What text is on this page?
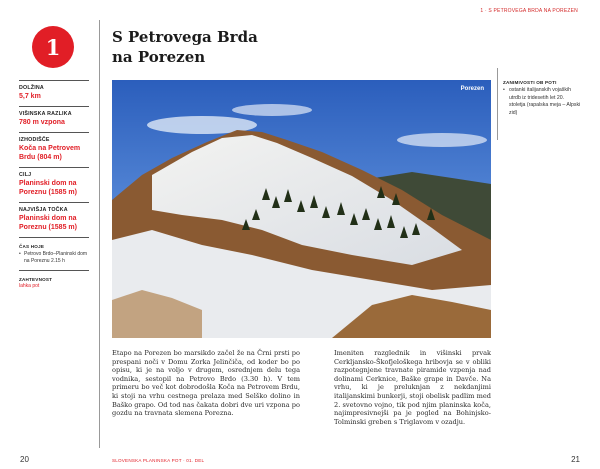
1 · S PETROVEGA BRDA NA POREZEN
1	S Petrovega Brda
na Porezen
DOLŽINA
5,7 km
VIŠINSKA RAZLIKA
780 m vzpona
IZHODIŠČE
Koča na Petrovem Brdu (804 m)
CILJ
Planinski dom na Poreznu (1585 m)
NAJVIŠJA TOČKA
Planinski dom na Poreznu (1585 m)
ČAS HOJE
• Petrovo Brdo–Planinski dom na Poreznu 2.15 h
ZAHTEVNOST
lahka pot
Porezen
ZANIMIVOSTI OB POTI
• ostanki italijanskih vojaških utrdb iz tridesetih let 20. stoletja (rapalska meja – Alpski zid)
Etapo na Porezen bo marsikdo začel že na Črni prsti po prespani noči v Domu Zorka Jelinčiča, od koder bo po opisu, ki je na voljo v drugem, osrednjem delu tega vodnika, sestopil na Petrovo Brdo (3.30 h). V tem primeru bo več kot dobrodošla Koča na Petrovem Brdu, ki stoji na vrhu cestnega prelaza med Selško dolino in Baško grapo. Od tod nas čakata dobri dve uri vzpona po gozdu na travnata slemena Poreznа.
Imeniten razglednik in višinski prvak Cerkljansko-Škofjeloškega hribovja se v obliki razpotegnjene travnate piramide vzpenja nad dolinami Cerknice, Baške grape in Davče. Na vrhu, ki je preluknjan z nekdanjimi italijanskimi bunkerji, stoji obelisk padlim med 2. svetovno vojno, tik pod njim planinska koča, najimpresivnejši pa je pogled na Bohinjsko-Tolminski greben s Triglavom v ozadju.
20	SLOVENSKA PLANINSKA POT · 01. DEL	21
